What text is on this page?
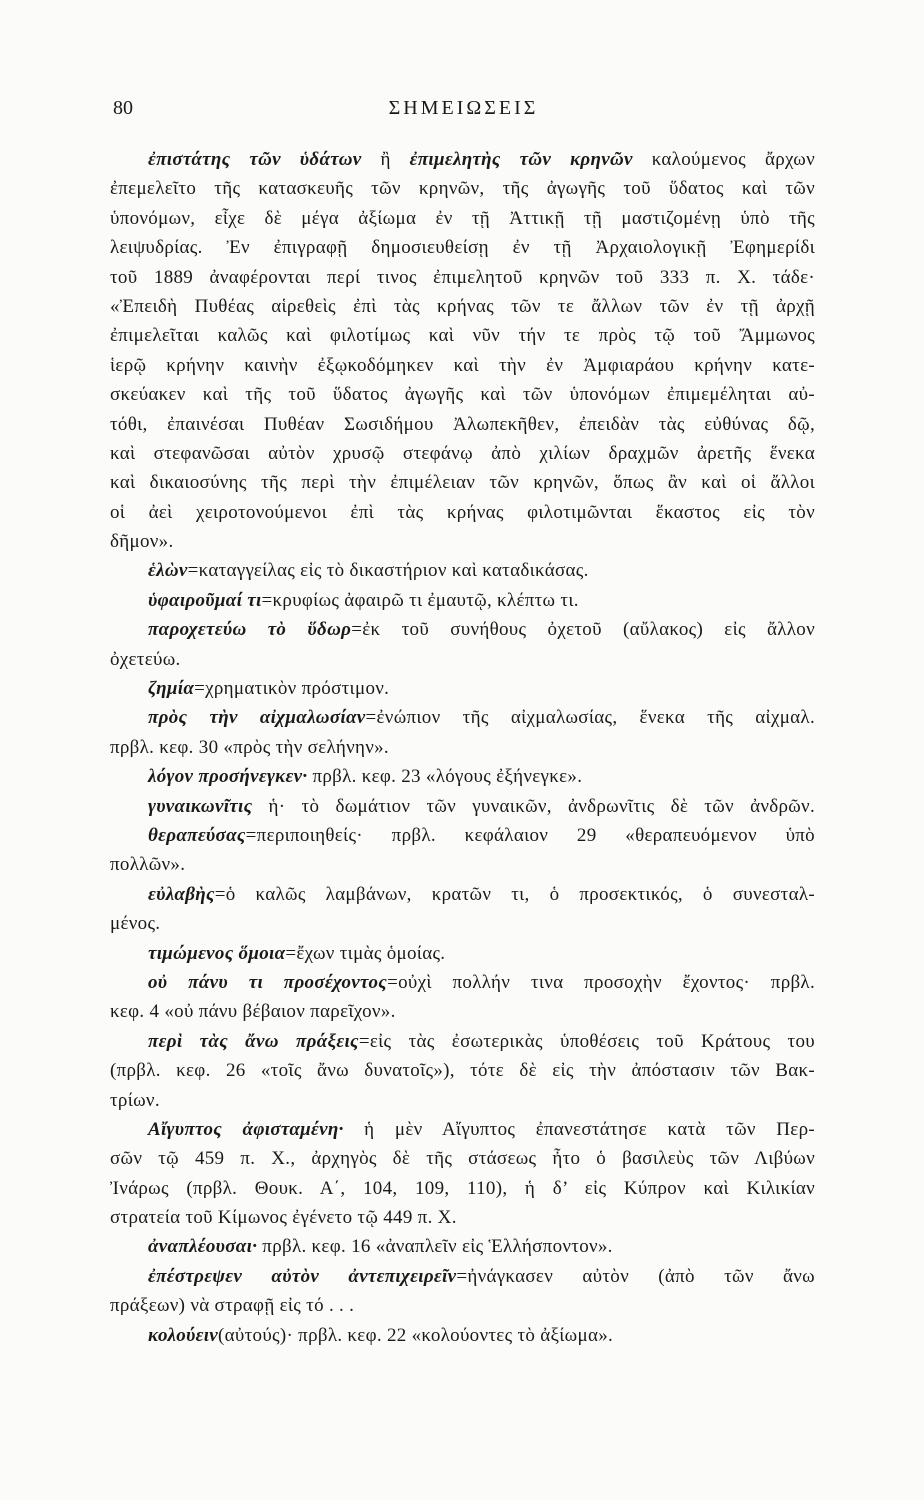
80	ΣΗΜΕΙΩΣΕΙΣ
ἐπιστάτης τῶν ὑδάτων ἢ ἐπιμελητὴς τῶν κρηνῶν καλούμενος ἄρχων
ἐπεμελεῖτο τῆς κατασκευῆς τῶν κρηνῶν, τῆς ἀγωγῆς τοῦ ὕδατος καὶ τῶν
ὑπονόμων, εἶχε δὲ μέγα ἀξίωμα ἐν τῇ Ἀττικῇ τῇ μαστιζομένῃ ὑπὸ τῆς
λειψυδρίας. Ἐν ἐπιγραφῇ δημοσιευθείσῃ ἐν τῇ Ἀρχαιολογικῇ Ἐφημερίδι
τοῦ 1889 ἀναφέρονται περί τινος ἐπιμελητοῦ κρηνῶν τοῦ 333 π. Χ. τάδε·
«Ἐπειδὴ Πυθέας αἱρεθεὶς ἐπὶ τὰς κρήνας τῶν τε ἄλλων τῶν ἐν τῇ ἀρχῇ
ἐπιμελεῖται καλῶς καὶ φιλοτίμως καὶ νῦν τήν τε πρὸς τῷ τοῦ Ἄμμωνος
ἱερῷ κρήνην καινὴν ἐξῳκοδόμηκεν καὶ τὴν ἐν Ἀμφιαράου κρήνην κατε-
σκεύακεν καὶ τῆς τοῦ ὕδατος ἀγωγῆς καὶ τῶν ὑπονόμων ἐπιμεμέληται αὐ-
τόθι, ἐπαινέσαι Πυθέαν Σωσιδήμου Ἀλωπεκῆθεν, ἐπειδὰν τὰς εὐθύνας δῷ,
καὶ στεφανῶσαι αὐτὸν χρυσῷ στεφάνῳ ἀπὸ χιλίων δραχμῶν ἀρετῆς ἕνεκα
καὶ δικαιοσύνης τῆς περὶ τὴν ἐπιμέλειαν τῶν κρηνῶν, ὅπως ἂν καὶ οἱ ἄλλοι
οἱ ἀεὶ χειροτονούμενοι ἐπὶ τὰς κρήνας φιλοτιμῶνται ἕκαστος εἰς τὸν
δῆμον».
ἑλὼν=καταγγείλας εἰς τὸ δικαστήριον καὶ καταδικάσας.
ὑφαιροῦμαί τι=κρυφίως ἀφαιρῶ τι ἐμαυτῷ, κλέπτω τι.
παροχετεύω τὸ ὕδωρ=ἐκ τοῦ συνήθους ὀχετοῦ (αὔλακος) εἰς ἄλλον
ὀχετεύω.
ζημία=χρηματικὸν πρόστιμον.
πρὸς τὴν αἰχμαλωσίαν=ἐνώπιον τῆς αἰχμαλωσίας, ἕνεκα τῆς αἰχμαλ.
πρβλ. κεφ. 30 «πρὸς τὴν σελήνην».
λόγον προσήνεγκεν· πρβλ. κεφ. 23 «λόγους ἐξήνεγκε».
γυναικωνῖτις ἡ· τὸ δωμάτιον τῶν γυναικῶν, ἀνδρωνῖτις δὲ τῶν ἀνδρῶν.
θεραπεύσας=περιποιηθείς· πρβλ. κεφάλαιον 29 «θεραπευόμενον ὑπὸ
πολλῶν».
εὐλαβὴς=ὁ καλῶς λαμβάνων, κρατῶν τι, ὁ προσεκτικός, ὁ συνεσταλ-
μένος.
τιμώμενος ὅμοια=ἔχων τιμὰς ὁμοίας.
οὐ πάνυ τι προσέχοντος=οὐχὶ πολλήν τινα προσοχὴν ἔχοντος· πρβλ.
κεφ. 4 «οὐ πάνυ βέβαιον παρεῖχον».
περὶ τὰς ἄνω πράξεις=εἰς τὰς ἐσωτερικὰς ὑποθέσεις τοῦ Κράτους του
(πρβλ. κεφ. 26 «τοῖς ἄνω δυνατοῖς»), τότε δὲ εἰς τὴν ἀπόστασιν τῶν Βακ-
τρίων.
Αἴγυπτος ἀφισταμένη· ἡ μὲν Αἴγυπτος ἐπανεστάτησε κατὰ τῶν Περ-
σῶν τῷ 459 π. Χ., ἀρχηγὸς δὲ τῆς στάσεως ἦτο ὁ βασιλεὺς τῶν Λιβύων
Ἰνάρως (πρβλ. Θουκ. Α΄, 104, 109, 110), ἡ δ’ εἰς Κύπρον καὶ Κιλικίαν
στρατεία τοῦ Κίμωνος ἐγένετο τῷ 449 π. Χ.
ἀναπλέουσαι· πρβλ. κεφ. 16 «ἀναπλεῖν εἰς Ἑλλήσποντον».
ἐπέστρεψεν αὐτὸν ἀντεπιχειρεῖν=ἠνάγκασεν αὐτὸν (ἀπὸ τῶν ἄνω
πράξεων) νὰ στραφῇ εἰς τό . . .
κολούειν(αὐτούς)· πρβλ. κεφ. 22 «κολούοντες τὸ ἀξίωμα».
